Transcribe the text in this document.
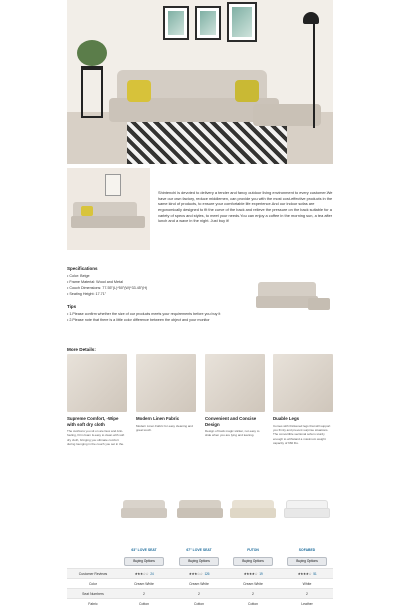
Shintenchi is devoted to delivery a tender and fancy outdoor living environment to every customer.We have our own factory, reduce middlemen, can provide you with the most cost-effective products in the same kind of products, to ensure your comfortable life experience.And our indoor sofas are ergonomically designed to fit the curve of the back and relieve the pressure on the back suitable for a variety of specs and styles, to meet your needs.You can enjoy a coffee in the morning sun, a tea after lunch and a wave in the night. Just buy it!

Specifications
• Color: Beige
• Frame Material: Wood and Metal
• Couch Dimensions: 77.55"(L)*50"(W)*33.45"(H)
• Seating Height: 17.71"
Tips
• 1.Please confirm whether the size of our products meets your requirements before you buy it
• 2.Please note that there is a little color difference between the object and your monitor
More Details:
Supreme Comfort, -Wipe with soft dry cloth
The cushions you sit on are faux and Anti-fouling, Firm foam & easy to clean with soft dry cloth, bringing you ultimate comfort during lounging in the couch you set in the.
Modern Linen Fabric
Modern Linen Fabric for easy cleaning and great touch.
Convenient and Concise Design
Design of back magic sticker, not easy to slide when you are lying and leaning.
Duable Legs
Comes with thickened legs that will support you firmly and prevent surprise situations. The convertible sectional sofa is sturdy enough to withstand a maximum weight capacity of 660 lbs.
63" LOVE SEAT	67" LOVE SEAT	FUTON	SOFABED
Buying Options	Buying Options	Buying Options	Buying Options
Customer Reviews	★★★☆☆ 24	★★★☆☆ 126	★★★★☆ 19	★★★★☆ 51
Color	Cream White	Cream White	Cream White	White
Seat Numbers	2	2	2	2
Fabric	Cotton	Cotton	Cotton	Leather
